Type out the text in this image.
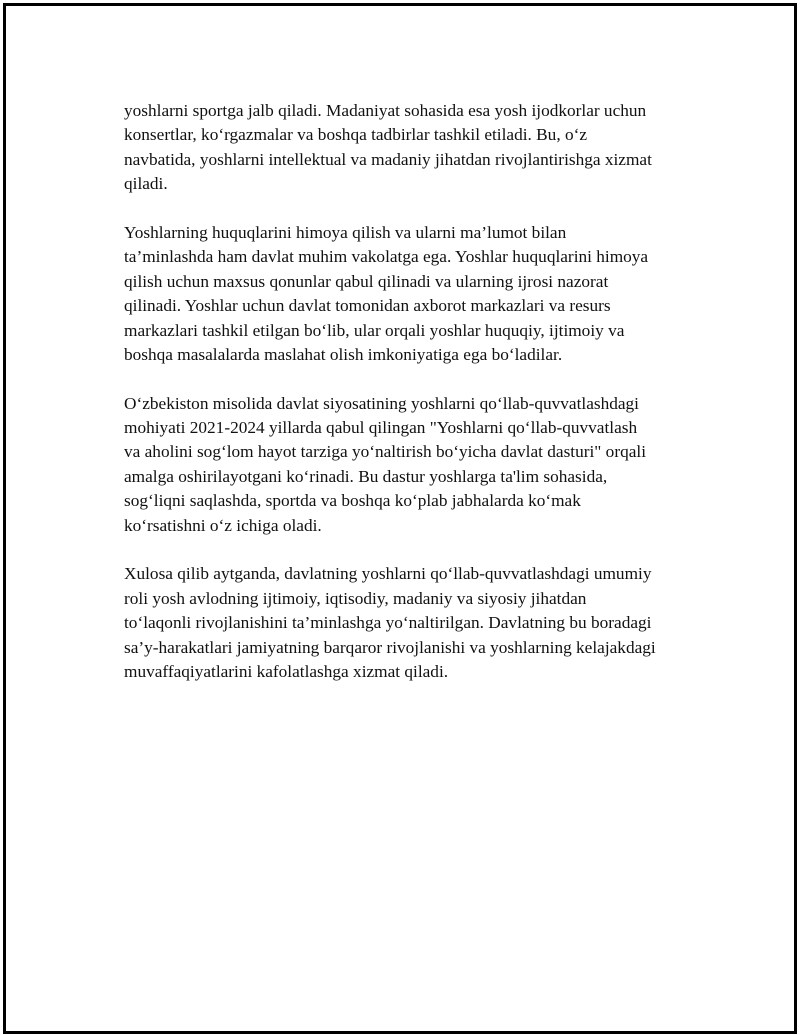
yoshlarni sportga jalb qiladi. Madaniyat sohasida esa yosh ijodkorlar uchun
konsertlar, ko‘rgazmalar va boshqa tadbirlar tashkil etiladi. Bu, o‘z
navbatida, yoshlarni intellektual va madaniy jihatdan rivojlantirishga xizmat
qiladi.

Yoshlarning huquqlarini himoya qilish va ularni ma’lumot bilan
ta’minlashda ham davlat muhim vakolatga ega. Yoshlar huquqlarini himoya
qilish uchun maxsus qonunlar qabul qilinadi va ularning ijrosi nazorat
qilinadi. Yoshlar uchun davlat tomonidan axborot markazlari va resurs
markazlari tashkil etilgan bo‘lib, ular orqali yoshlar huquqiy, ijtimoiy va
boshqa masalalarda maslahat olish imkoniyatiga ega bo‘ladilar.

O‘zbekiston misolida davlat siyosatining yoshlarni qo‘llab-quvvatlashdagi
mohiyati 2021-2024 yillarda qabul qilingan "Yoshlarni qo‘llab-quvvatlash
va aholini sog‘lom hayot tarziga yo‘naltirish bo‘yicha davlat dasturi" orqali
amalga oshirilayotgani ko‘rinadi. Bu dastur yoshlarga ta'lim sohasida,
sog‘liqni saqlashda, sportda va boshqa ko‘plab jabhalarda ko‘mak
ko‘rsatishni o‘z ichiga oladi.

Xulosa qilib aytganda, davlatning yoshlarni qo‘llab-quvvatlashdagi umumiy
roli yosh avlodning ijtimoiy, iqtisodiy, madaniy va siyosiy jihatdan
to‘laqonli rivojlanishini ta’minlashga yo‘naltirilgan. Davlatning bu boradagi
sa’y-harakatlari jamiyatning barqaror rivojlanishi va yoshlarning kelajakdagi
muvaffaqiyatlarini kafolatlashga xizmat qiladi.
